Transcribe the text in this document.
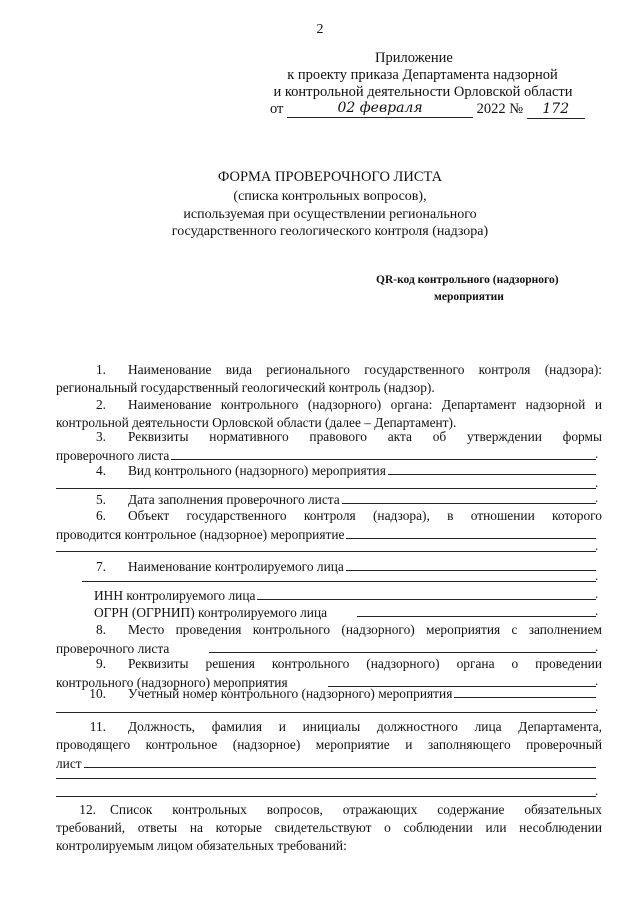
2
Приложение
к проекту приказа Департамента надзорной
и контрольной деятельности Орловской области
от	02 февраля	2022 № 172
ФОРМА ПРОВЕРОЧНОГО ЛИСТА
(списка контрольных вопросов),
используемая при осуществлении регионального
государственного геологического контроля (надзора)
QR-код контрольного (надзорного)
мероприятии
1. Наименование вида регионального государственного контроля (надзора):
региональный государственный геологический контроль (надзор).
2. Наименование контрольного (надзорного) органа: Департамент надзорной и
контрольной деятельности Орловской области (далее – Департамент).
3. Реквизиты нормативного правового акта об утверждении формы
проверочного листа	.
4. Вид контрольного (надзорного) мероприятия
.
5. Дата заполнения проверочного листа	.
6. Объект государственного контроля (надзора), в отношении которого
проводится контрольное (надзорное) мероприятие
.
7. Наименование контролируемого лица
.
ИНН контролируемого лица	.
ОГРН (ОГРНИП) контролируемого лица	.
8. Место проведения контрольного (надзорного) мероприятия с заполнением
проверочного листа	.
9. Реквизиты решения контрольного (надзорного) органа о проведении
контрольного (надзорного) мероприятия	.
10. Учетный номер контрольного (надзорного) мероприятия
.
11. Должность, фамилия и инициалы должностного лица Департамента,
проводящего контрольное (надзорное) мероприятие и заполняющего проверочный
лист
.
12. Список контрольных вопросов, отражающих содержание обязательных
требований, ответы на которые свидетельствуют о соблюдении или несоблюдении
контролируемым лицом обязательных требований:
